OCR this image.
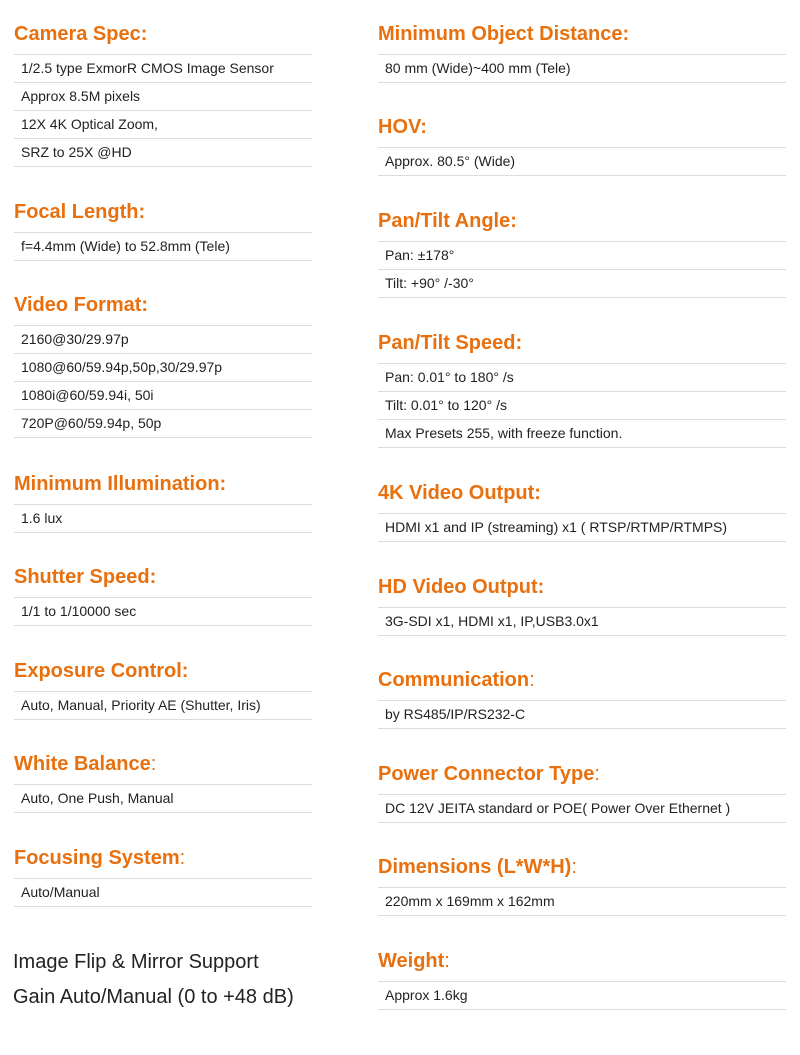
Camera Spec:
1/2.5 type ExmorR CMOS Image Sensor
Approx 8.5M pixels
12X 4K Optical Zoom,
SRZ to 25X @HD
Focal Length:
f=4.4mm (Wide) to 52.8mm (Tele)
Video Format:
2160@30/29.97p
1080@60/59.94p,50p,30/29.97p
1080i@60/59.94i, 50i
720P@60/59.94p, 50p
Minimum Illumination:
1.6 lux
Shutter Speed:
1/1 to 1/10000 sec
Exposure Control:
Auto, Manual, Priority AE (Shutter, Iris)
White Balance:
Auto, One Push, Manual
Focusing System:
Auto/Manual
Minimum Object Distance:
80 mm (Wide)~400 mm (Tele)
HOV:
Approx. 80.5° (Wide)
Pan/Tilt Angle:
Pan: ±178°
Tilt: +90° /-30°
Pan/Tilt Speed:
Pan: 0.01° to 180° /s
Tilt: 0.01° to 120° /s
Max Presets 255, with freeze function.
4K Video Output:
HDMI x1 and IP (streaming) x1 ( RTSP/RTMP/RTMPS)
HD Video Output:
3G-SDI x1, HDMI x1, IP,USB3.0x1
Communication:
by RS485/IP/RS232-C
Power Connector Type:
DC 12V JEITA standard or POE( Power Over Ethernet )
Dimensions (L*W*H):
220mm x 169mm x 162mm
Weight:
Approx 1.6kg
Image Flip & Mirror Support
Gain Auto/Manual (0 to +48 dB)
